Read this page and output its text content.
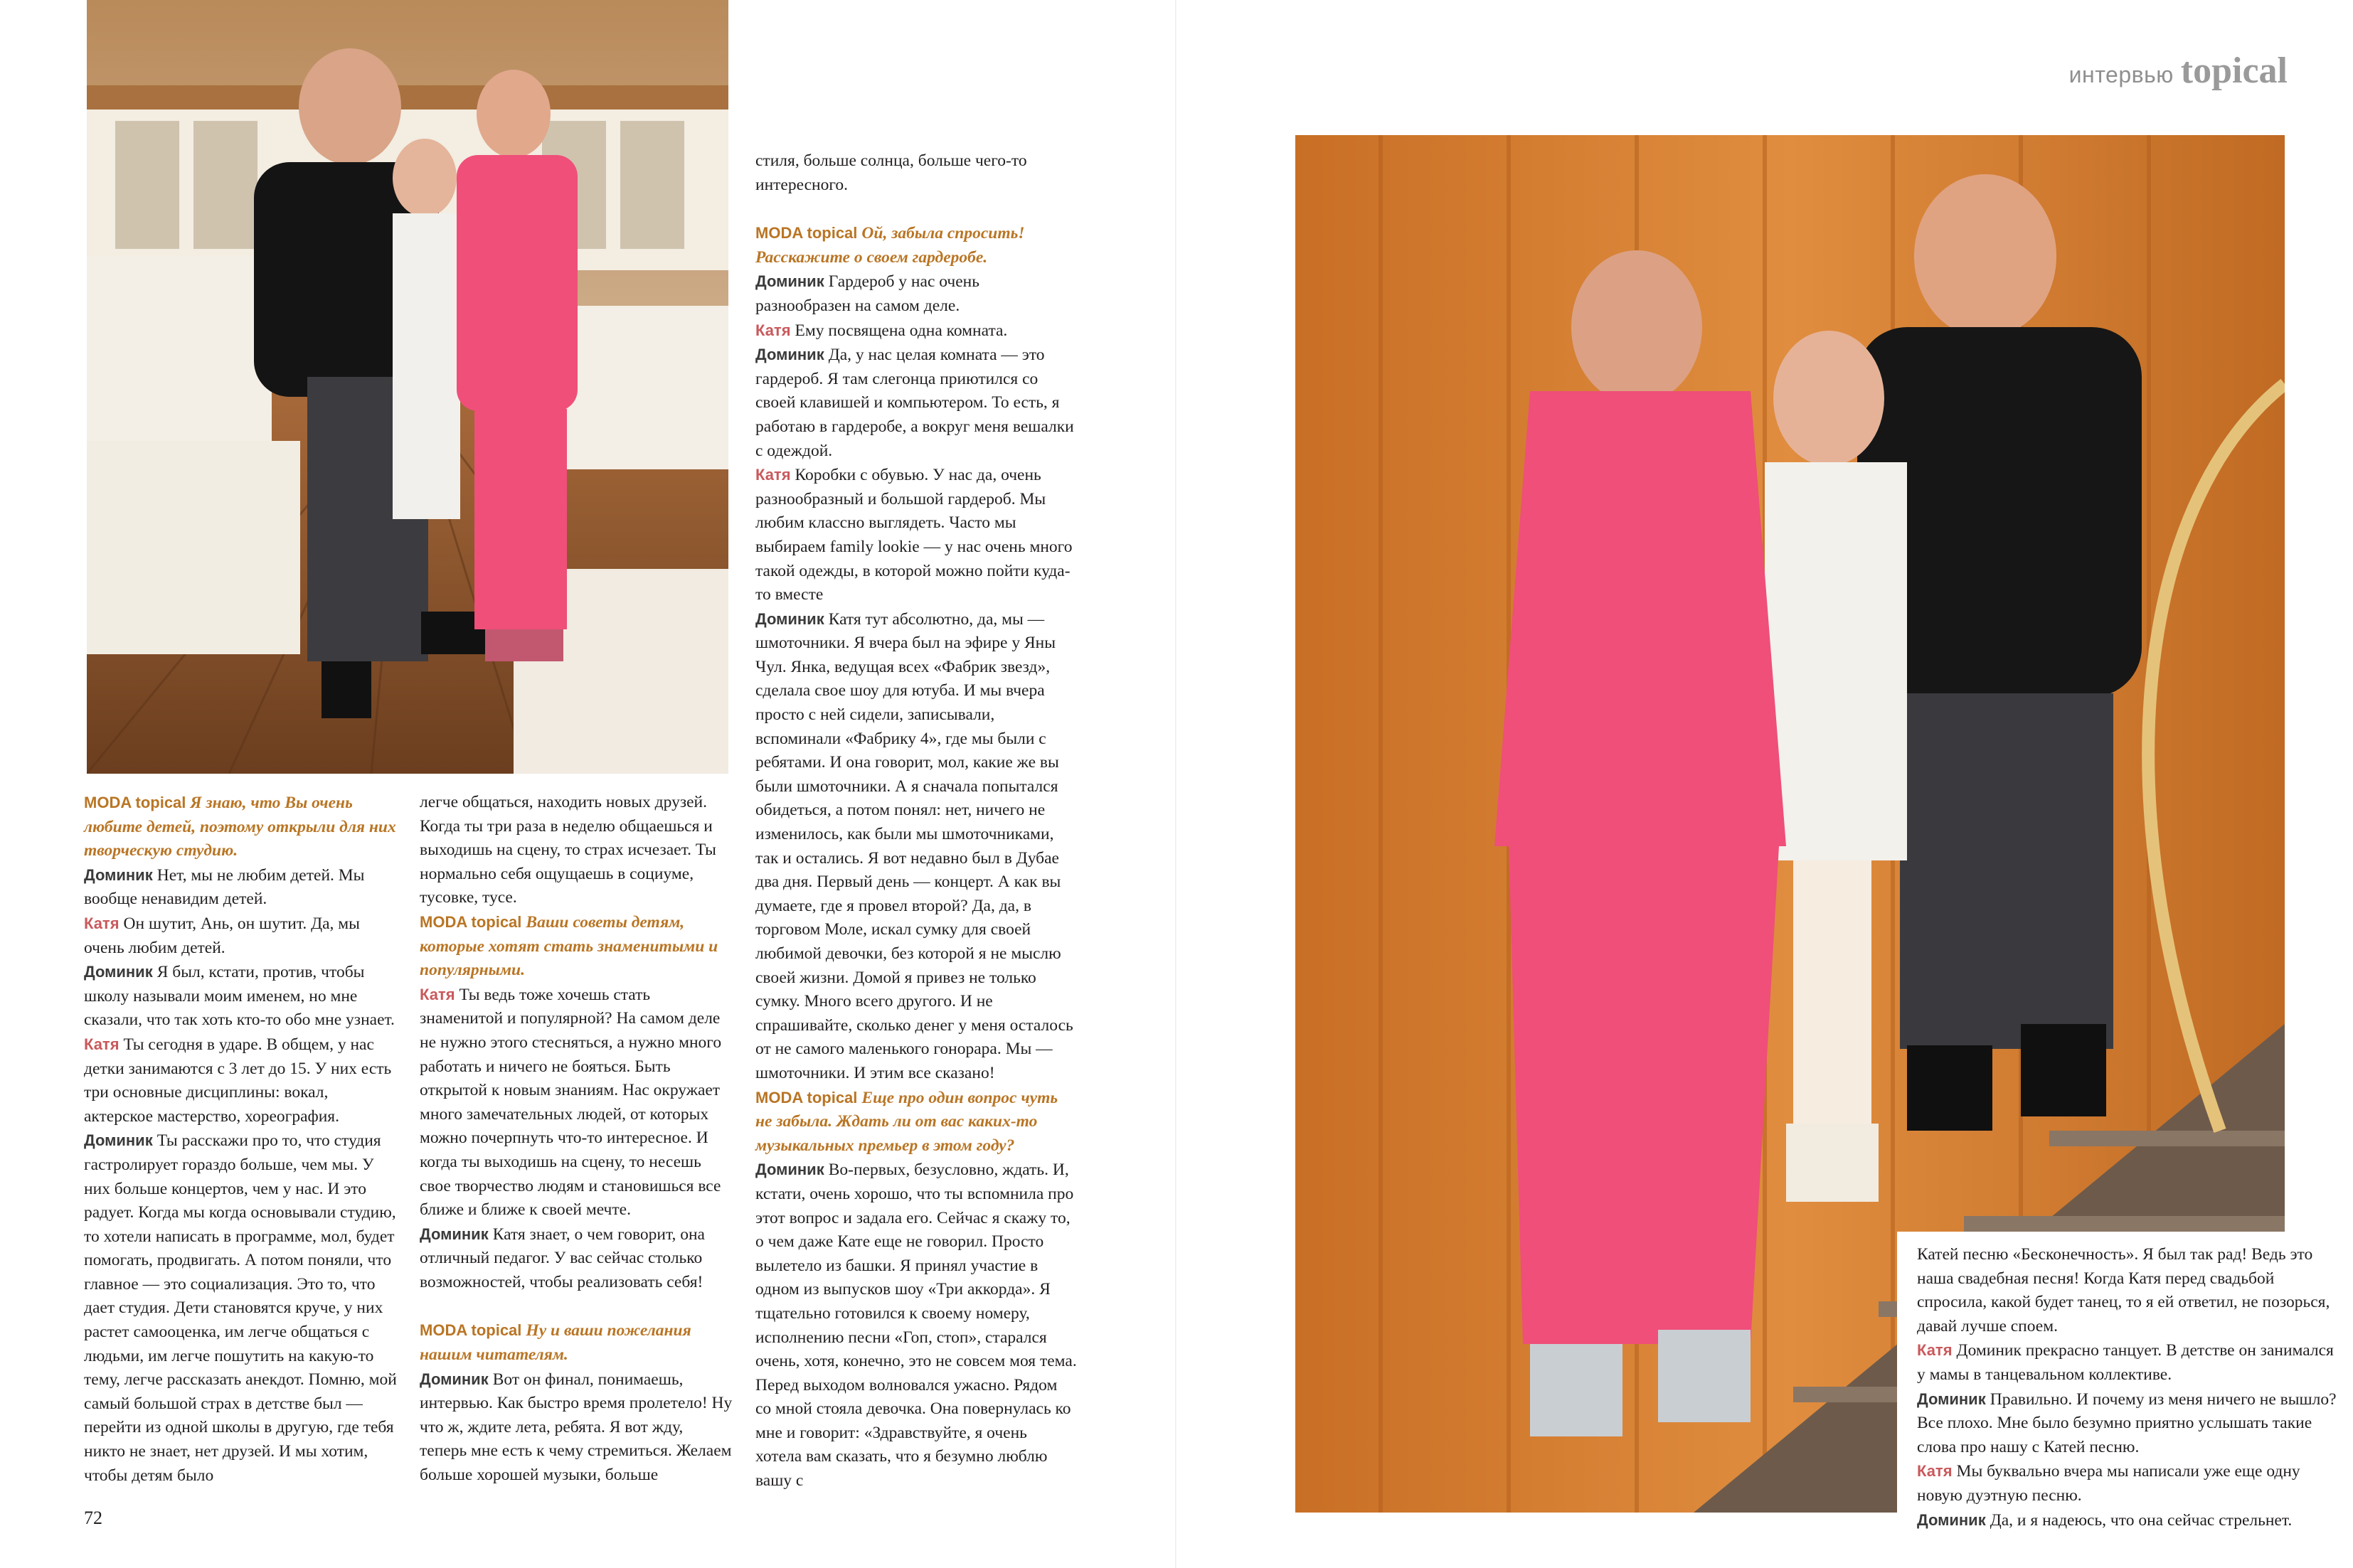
MODA topical Я знаю, что Вы очень любите детей, поэтому открыли для них творческую студию.

Доминик Нет, мы не любим детей. Мы вообще ненавидим детей.

Катя Он шутит, Ань, он шутит. Да, мы очень любим детей.

Доминик Я был, кстати, против, чтобы школу называли моим именем, но мне сказали, что так хоть кто-то обо мне узнает.

Катя Ты сегодня в ударе. В общем, у нас детки занимаются с 3 лет до 15. У них есть три основные дисциплины: вокал, актерское мастерство, хореография.

Доминик Ты расскажи про то, что студия гастролирует гораздо больше, чем мы. У них больше концертов, чем у нас. И это радует. Когда мы когда основывали студию, то хотели написать в программе, мол, будет помогать, продвигать. А потом поняли, что главное — это социализация. Это то, что дает студия. Дети становятся круче, у них растет самооценка, им легче общаться с людьми, им легче пошутить на какую-то тему, легче рассказать анекдот. Помню, мой самый большой страх в детстве был — перейти из одной школы в другую, где тебя никто не знает, нет друзей. И мы хотим, чтобы детям было

легче общаться, находить новых друзей. Когда ты три раза в неделю общаешься и выходишь на сцену, то страх исчезает. Ты нормально себя ощущаешь в социуме, тусовке, тусе.

MODA topical Ваши советы детям, которые хотят стать знаменитыми и популярными.

Катя Ты ведь тоже хочешь стать знаменитой и популярной? На самом деле не нужно этого стесняться, а нужно много работать и ничего не бояться. Быть открытой к новым знаниям. Нас окружает много замечательных людей, от которых можно почерпнуть что-то интересное. И когда ты выходишь на сцену, то несешь свое творчество людям и становишься все ближе и ближе к своей мечте.

Доминик Катя знает, о чем говорит, она отличный педагог. У вас сейчас столько возможностей, чтобы реализовать себя!

MODA topical Ну и ваши пожелания нашим читателям.

Доминик Вот он финал, понимаешь, интервью. Как быстро время пролетело! Ну что ж, ждите лета, ребята. Я вот жду, теперь мне есть к чему стремиться. Желаем больше хорошей музыки, больше

стиля, больше солнца, больше чего-то интересного.

MODA topical Ой, забыла спросить! Расскажите о своем гардеробе.

Доминик Гардероб у нас очень разнообразен на самом деле.

Катя Ему посвящена одна комната.

Доминик Да, у нас целая комната — это гардероб. Я там слегонца приютился со своей клавишей и компьютером. То есть, я работаю в гардеробе, а вокруг меня вешалки с одеждой.

Катя Коробки с обувью. У нас да, очень разнообразный и большой гардероб. Мы любим классно выглядеть. Часто мы выбираем family lookie — у нас очень много такой одежды, в которой можно пойти куда-то вместе

Доминик Катя тут абсолютно, да, мы — шмоточники. Я вчера был на эфире у Яны Чул. Янка, ведущая всех «Фабрик звезд», сделала свое шоу для ютуба. И мы вчера просто с ней сидели, записывали, вспоминали «Фабрику 4», где мы были с ребятами. И она говорит, мол, какие же вы были шмоточники. А я сначала попытался обидеться, а потом понял: нет, ничего не изменилось, как были мы шмоточниками, так и остались. Я вот недавно был в Дубае два дня. Первый день — концерт. А как вы думаете, где я провел второй? Да, да, в торговом Моле, искал сумку для своей любимой девочки, без которой я не мыслю своей жизни. Домой я привез не только сумку. Много всего другого. И не спрашивайте, сколько денег у меня осталось от не самого маленького гонорара. Мы — шмоточники. И этим все сказано!

MODA topical Еще про один вопрос чуть не забыла. Ждать ли от вас каких-то музыкальных премьер в этом году?

Доминик Во-первых, безусловно, ждать. И, кстати, очень хорошо, что ты вспомнила про этот вопрос и задала его. Сейчас я скажу то, о чем даже Кате еще не говорил. Просто вылетело из башки. Я принял участие в одном из выпусков шоу «Три аккорда». Я тщательно готовился к своему номеру, исполнению песни «Гоп, стоп», старался очень, хотя, конечно, это не совсем моя тема. Перед выходом волновался ужасно. Рядом со мной стояла девочка. Она повернулась ко мне и говорит: «Здравствуйте, я очень хотела вам сказать, что я безумно люблю вашу с

72
интервью topical

Катей песню «Бесконечность». Я был так рад! Ведь это наша свадебная песня! Когда Катя перед свадьбой спросила, какой будет танец, то я ей ответил, не позорься, давай лучше споем.

Катя Доминик прекрасно танцует. В детстве он занимался у мамы в танцевальном коллективе.

Доминик Правильно. И почему из меня ничего не вышло? Все плохо. Мне было безумно приятно услышать такие слова про нашу с Катей песню.

Катя Мы буквально вчера мы написали уже еще одну новую дуэтную песню.

Доминик Да, и я надеюсь, что она сейчас стрельнет.
